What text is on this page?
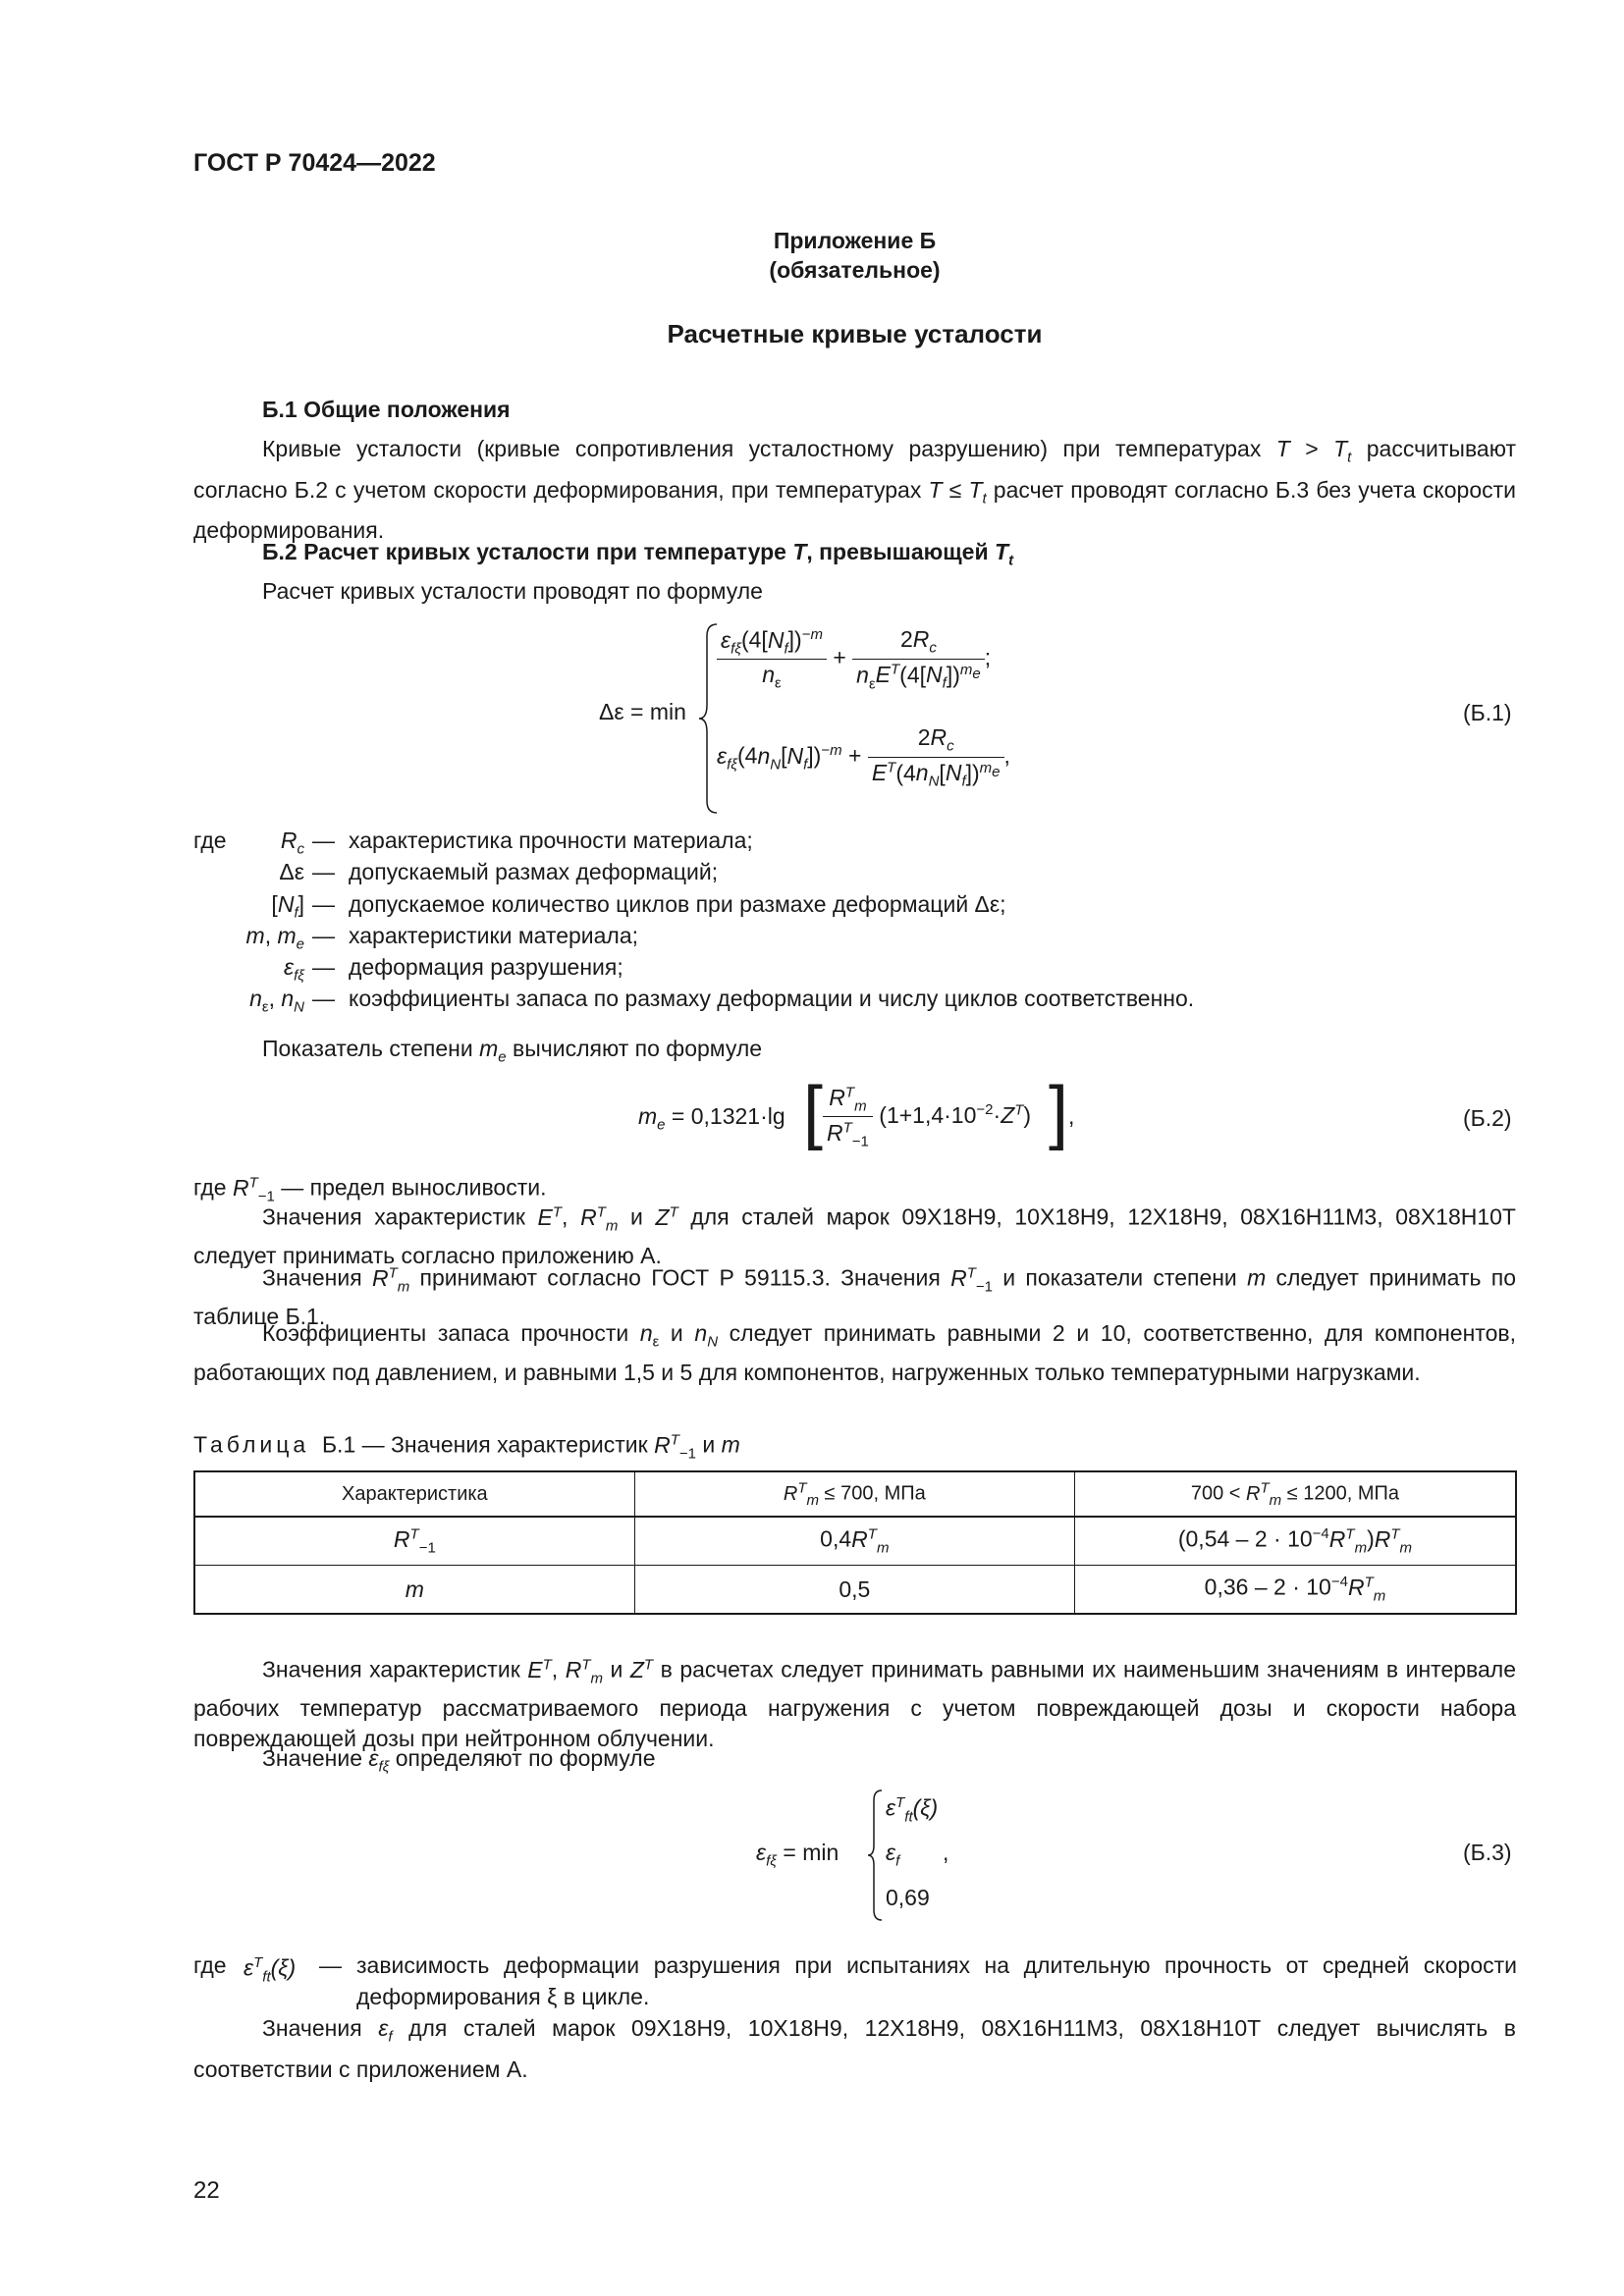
ГОСТ Р 70424—2022
Приложение Б
(обязательное)
Расчетные кривые усталости
Б.1 Общие положения
Кривые усталости (кривые сопротивления усталостному разрушению) при температурах $T > T_t$ рассчитывают согласно Б.2 с учетом скорости деформирования, при температурах $T \le T_t$ расчет проводят согласно Б.3 без учета скорости деформирования.
Б.2 Расчет кривых усталости при температуре T, превышающей $T_t$
Расчет кривых усталости проводят по формуле
Δε = min
$\frac{\varepsilon_{f\xi}(4[N_f])^{-m}}{n_\varepsilon} + \frac{2R_c}{n_\varepsilon E^T(4[N_f])^{m_e}}$ ;
$\varepsilon_{f\xi}(4n_N[N_f])^{-m} + \frac{2R_c}{E^T(4n_N[N_f])^{m_e}}$ ,
(Б.1)
где	$R_c$ — характеристика прочности материала;
Δε — допускаемый размах деформаций;
$[N_f]$ — допускаемое количество циклов при размахе деформаций Δε;
m, $m_e$ — характеристики материала;
$\varepsilon_{f\xi}$ — деформация разрушения;
$n_\varepsilon$, $n_N$ — коэффициенты запаса по размаху деформации и числу циклов соответственно.
Показатель степени $m_e$ вычисляют по формуле
$m_e = 0,1321\cdot\lg$ [ $\frac{R^T_m}{R^T_{-1}} (1+1,4\cdot 10^{-2}\cdot Z^T)$ ] ,	(Б.2)
где $R^T_{-1}$ — предел выносливости.
Значения характеристик $E^T$, $R^T_m$ и $Z^T$ для сталей марок 09Х18Н9, 10Х18Н9, 12Х18Н9, 08Х16Н11М3, 08Х18Н10Т следует принимать согласно приложению А.
Значения $R^T_m$ принимают согласно ГОСТ Р 59115.3. Значения $R^T_{-1}$ и показатели степени m следует принимать по таблице Б.1.
Коэффициенты запаса прочности $n_\varepsilon$ и $n_N$ следует принимать равными 2 и 10, соответственно, для компонентов, работающих под давлением, и равными 1,5 и 5 для компонентов, нагруженных только температурными нагрузками.
Таблица  Б.1 — Значения характеристик $R^T_{-1}$ и m
Характеристика	$R^T_m \le 700$, МПа	$700 < R^T_m \le 1200$, МПа
$R^T_{-1}$	$0,4R^T_m$	$(0,54 - 2 \cdot 10^{-4}R^T_m)R^T_m$
m	0,5	$0,36 - 2 \cdot 10^{-4}R^T_m$
Значения характеристик $E^T$, $R^T_m$ и $Z^T$ в расчетах следует принимать равными их наименьшим значениям в интервале рабочих температур рассматриваемого периода нагружения с учетом повреждающей дозы и скорости набора повреждающей дозы при нейтронном облучении.
Значение $\varepsilon_{f\xi}$ определяют по формуле
$\varepsilon_{f\xi} = \min$
$\varepsilon^T_{ft}(\xi)$
$\varepsilon_f$ ,
0,69
(Б.3)
где $\varepsilon^T_{ft}(\xi)$ — зависимость деформации разрушения при испытаниях на длительную прочность от средней скорости деформирования ξ в цикле.
Значения $\varepsilon_f$ для сталей марок 09Х18Н9, 10Х18Н9, 12Х18Н9, 08Х16Н11М3, 08Х18Н10Т следует вычислять в соответствии с приложением А.
22
